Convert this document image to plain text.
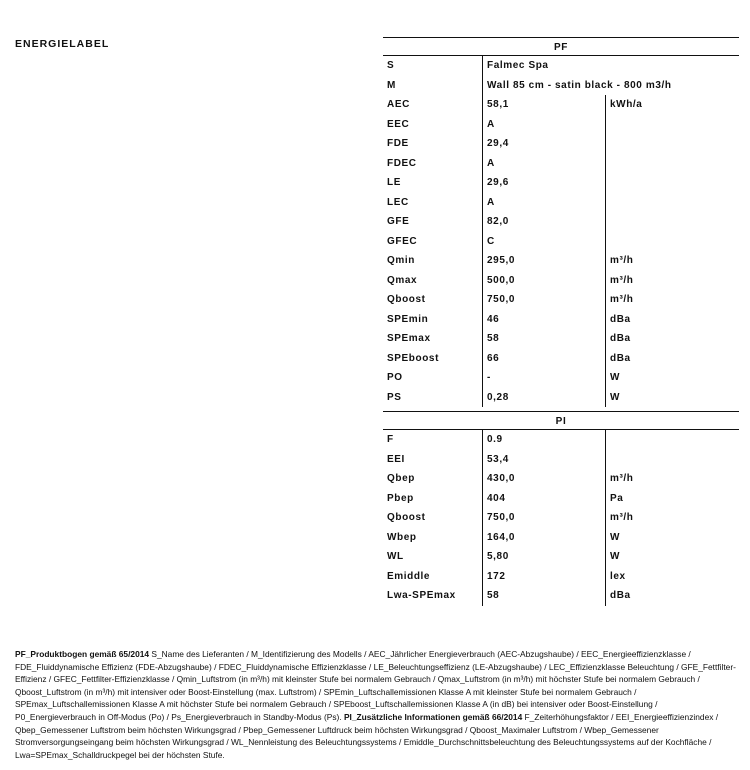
ENERGIELABEL	PF
S	Falmec Spa
M	Wall 85 cm - satin black - 800 m3/h
AEC	58,1	kWh/a
EEC	A
FDE	29,4
FDEC	A
LE	29,6
LEC	A
GFE	82,0
GFEC	C
Qmin	295,0	m³/h
Qmax	500,0	m³/h
Qboost	750,0	m³/h
SPEmin	46	dBa
SPEmax	58	dBa
SPEboost	66	dBa
PO	-	W
PS	0,28	W
PI
F	0.9
EEI	53,4
Qbep	430,0	m³/h
Pbep	404	Pa
Qboost	750,0	m³/h
Wbep	164,0	W
WL	5,80	W
Emiddle	172	lex
Lwa-SPEmax	58	dBa
PF_Produktbogen gemäß 65/2014 S_Name des Lieferanten / M_Identifizierung des Modells / AEC_Jährlicher Energieverbrauch (AEC-Abzugshaube) / EEC_Energieeffizienzklasse / FDE_Fluiddynamische Effizienz (FDE-Abzugshaube) / FDEC_Fluiddynamische Effizienzklasse / LE_Beleuchtungseffizienz (LE-Abzugshaube) / LEC_Effizienzklasse Beleuchtung / GFE_Fettfilter-Effizienz / GFEC_Fettfilter-Effizienzklasse / Qmin_Luftstrom (in m³/h) mit kleinster Stufe bei normalem Gebrauch / Qmax_Luftstrom (in m³/h) mit höchster Stufe bei normalem Gebrauch / Qboost_Luftstrom (in m³/h) mit intensiver oder Boost-Einstellung (max. Luftstrom) / SPEmin_Luftschallemissionen Klasse A mit kleinster Stufe bei normalem Gebrauch / SPEmax_Luftschallemissionen Klasse A mit höchster Stufe bei normalem Gebrauch / SPEboost_Luftschallemissionen Klasse A (in dB) bei intensiver oder Boost-Einstellung / P0_Energieverbrauch in Off-Modus (Po) / Ps_Energieverbrauch in Standby-Modus (Ps). PI_Zusätzliche Informationen gemäß 66/2014 F_Zeiterhöhungsfaktor / EEI_Energieeffizienzindex / Qbep_Gemessener Luftstrom beim höchsten Wirkungsgrad / Pbep_Gemessener Luftdruck beim höchsten Wirkungsgrad / Qboost_Maximaler Luftstrom / Wbep_Gemessener Stromversorgungseingang beim höchsten Wirkungsgrad / WL_Nennleistung des Beleuchtungssystems / Emiddle_Durchschnittsbeleuchtung des Beleuchtungssystems auf der Kochfläche / Lwa=SPEmax_Schalldruckpegel bei der höchsten Stufe.
